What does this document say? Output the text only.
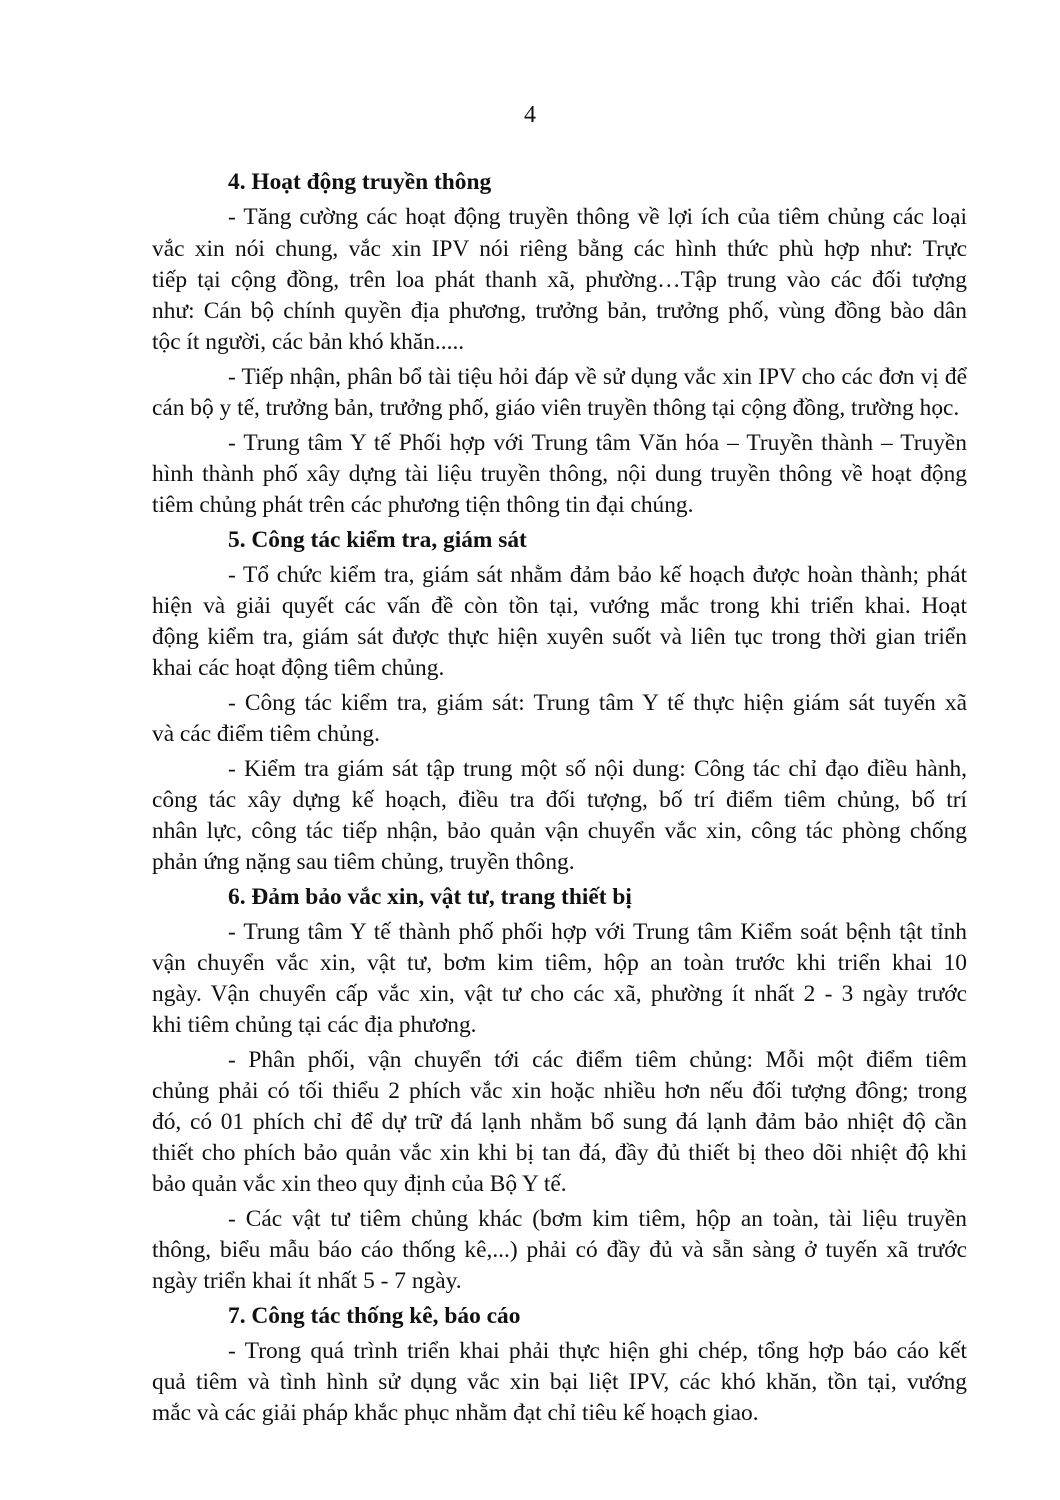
4
4. Hoạt động truyền thông
- Tăng cường các hoạt động truyền thông về lợi ích của tiêm chủng các loại
vắc xin nói chung, vắc xin IPV nói riêng bằng các hình thức phù hợp như: Trực
tiếp tại cộng đồng, trên loa phát thanh xã, phường…Tập trung vào các đối tượng
như: Cán bộ chính quyền địa phương, trưởng bản, trưởng phố, vùng đồng bào dân
tộc ít người, các bản khó khăn.....
- Tiếp nhận, phân bổ tài tiệu hỏi đáp về sử dụng vắc xin IPV cho các đơn vị để
cán bộ y tế, trưởng bản, trưởng phố, giáo viên truyền thông tại cộng đồng, trường học.
- Trung tâm Y tế Phối hợp với Trung tâm Văn hóa – Truyền thành – Truyền
hình thành phố xây dựng tài liệu truyền thông, nội dung truyền thông về hoạt động
tiêm chủng phát trên các phương tiện thông tin đại chúng.
5. Công tác kiểm tra, giám sát
- Tổ chức kiểm tra, giám sát nhằm đảm bảo kế hoạch được hoàn thành; phát
hiện và giải quyết các vấn đề còn tồn tại, vướng mắc trong khi triển khai. Hoạt
động kiểm tra, giám sát được thực hiện xuyên suốt và liên tục trong thời gian triển
khai các hoạt động tiêm chủng.
- Công tác kiểm tra, giám sát: Trung tâm Y tế thực hiện giám sát tuyến xã
và các điểm tiêm chủng.
- Kiểm tra giám sát tập trung một số nội dung: Công tác chỉ đạo điều hành,
công tác xây dựng kế hoạch, điều tra đối tượng, bố trí điểm tiêm chủng, bố trí
nhân lực, công tác tiếp nhận, bảo quản vận chuyển vắc xin, công tác phòng chống
phản ứng nặng sau tiêm chủng, truyền thông.
6. Đảm bảo vắc xin, vật tư, trang thiết bị
- Trung tâm Y tế thành phố phối hợp với Trung tâm Kiểm soát bệnh tật tỉnh
vận chuyển vắc xin, vật tư, bơm kim tiêm, hộp an toàn trước khi triển khai 10
ngày. Vận chuyển cấp vắc xin, vật tư cho các xã, phường ít nhất 2 - 3 ngày trước
khi tiêm chủng tại các địa phương.
- Phân phối, vận chuyển tới các điểm tiêm chủng: Mỗi một điểm tiêm
chủng phải có tối thiểu 2 phích vắc xin hoặc nhiều hơn nếu đối tượng đông; trong
đó, có 01 phích chỉ để dự trữ đá lạnh nhằm bổ sung đá lạnh đảm bảo nhiệt độ cần
thiết cho phích bảo quản vắc xin khi bị tan đá, đầy đủ thiết bị theo dõi nhiệt độ khi
bảo quản vắc xin theo quy định của Bộ Y tế.
- Các vật tư tiêm chủng khác (bơm kim tiêm, hộp an toàn, tài liệu truyền
thông, biểu mẫu báo cáo thống kê,...) phải có đầy đủ và sẵn sàng ở tuyến xã trước
ngày triển khai ít nhất 5 - 7 ngày.
7. Công tác thống kê, báo cáo
- Trong quá trình triển khai phải thực hiện ghi chép, tổng hợp báo cáo kết
quả tiêm và tình hình sử dụng vắc xin bại liệt IPV, các khó khăn, tồn tại, vướng
mắc và các giải pháp khắc phục nhằm đạt chỉ tiêu kế hoạch giao.
